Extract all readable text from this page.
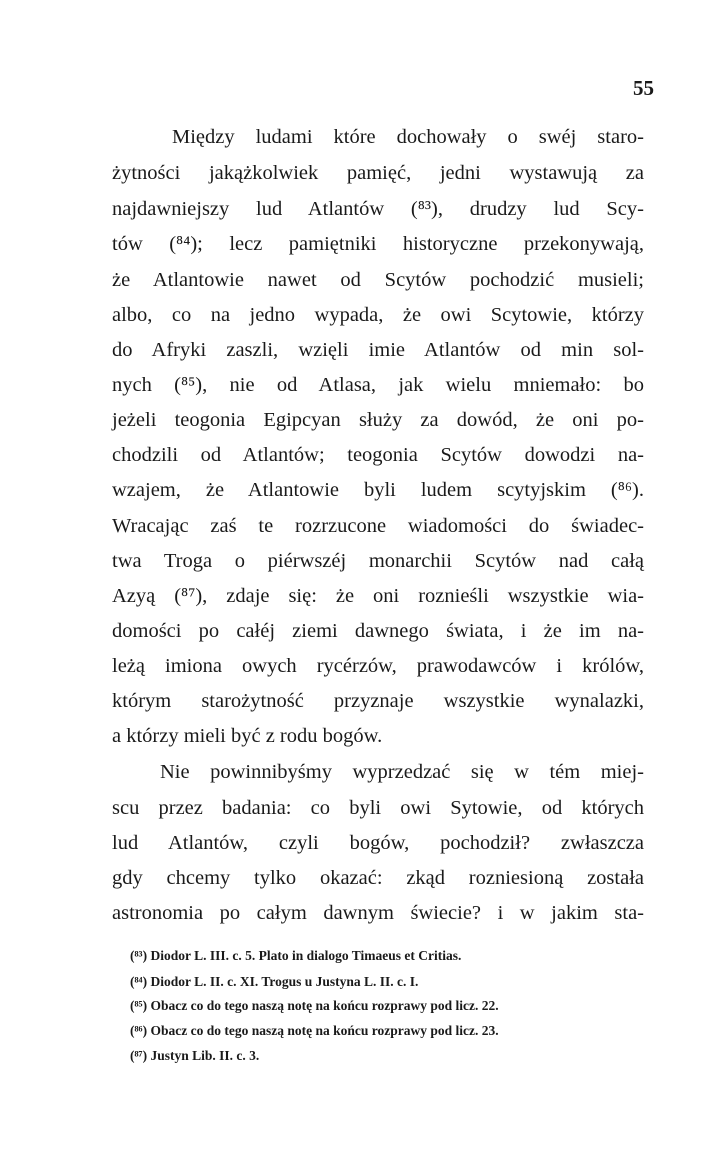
55
Między ludami które dochowały o swéj staro-
żytności jakążkolwiek pamięć, jedni wystawują za
najdawniejszy lud Atlantów (⁸³), drudzy lud Scy-
tów (⁸⁴); lecz pamiętniki historyczne przekonywają,
że Atlantowie nawet od Scytów pochodzić musieli;
albo, co na jedno wypada, że owi Scytowie, którzy
do Afryki zaszli, wzięli imie Atlantów od min sol-
nych (⁸⁵), nie od Atlasa, jak wielu mniemało: bo
jeżeli teogonia Egipcyan służy za dowód, że oni po-
chodzili od Atlantów; teogonia Scytów dowodzi na-
wzajem, że Atlantowie byli ludem scytyjskim (⁸⁶).
Wracając zaś te rozrzucone wiadomości do świadec-
twa Troga o piérwszéj monarchii Scytów nad całą
Azyą (⁸⁷), zdaje się: że oni roznieśli wszystkie wia-
domości po całéj ziemi dawnego świata, i że im na-
leżą imiona owych rycérzów, prawodawców i królów,
którym starożytność przyznaje wszystkie wynalazki,
a którzy mieli być z rodu bogów.
Nie powinnibyśmy wyprzedzać się w tém miej-
scu przez badania: co byli owi Sytowie, od których
lud Atlantów, czyli bogów, pochodził? zwłaszcza
gdy chcemy tylko okazać: zkąd rozniesioną została
astronomia po całym dawnym świecie? i w jakim sta-
(⁸³) Diodor L. III. c. 5. Plato in dialogo Timaeus et Critias.
(⁸⁴) Diodor L. II. c. XI. Trogus u Justyna L. II. c. I.
(⁸⁵) Obacz co do tego naszą notę na końcu rozprawy pod licz. 22.
(⁸⁶) Obacz co do tego naszą notę na końcu rozprawy pod licz. 23.
(⁸⁷) Justyn Lib. II. c. 3.
